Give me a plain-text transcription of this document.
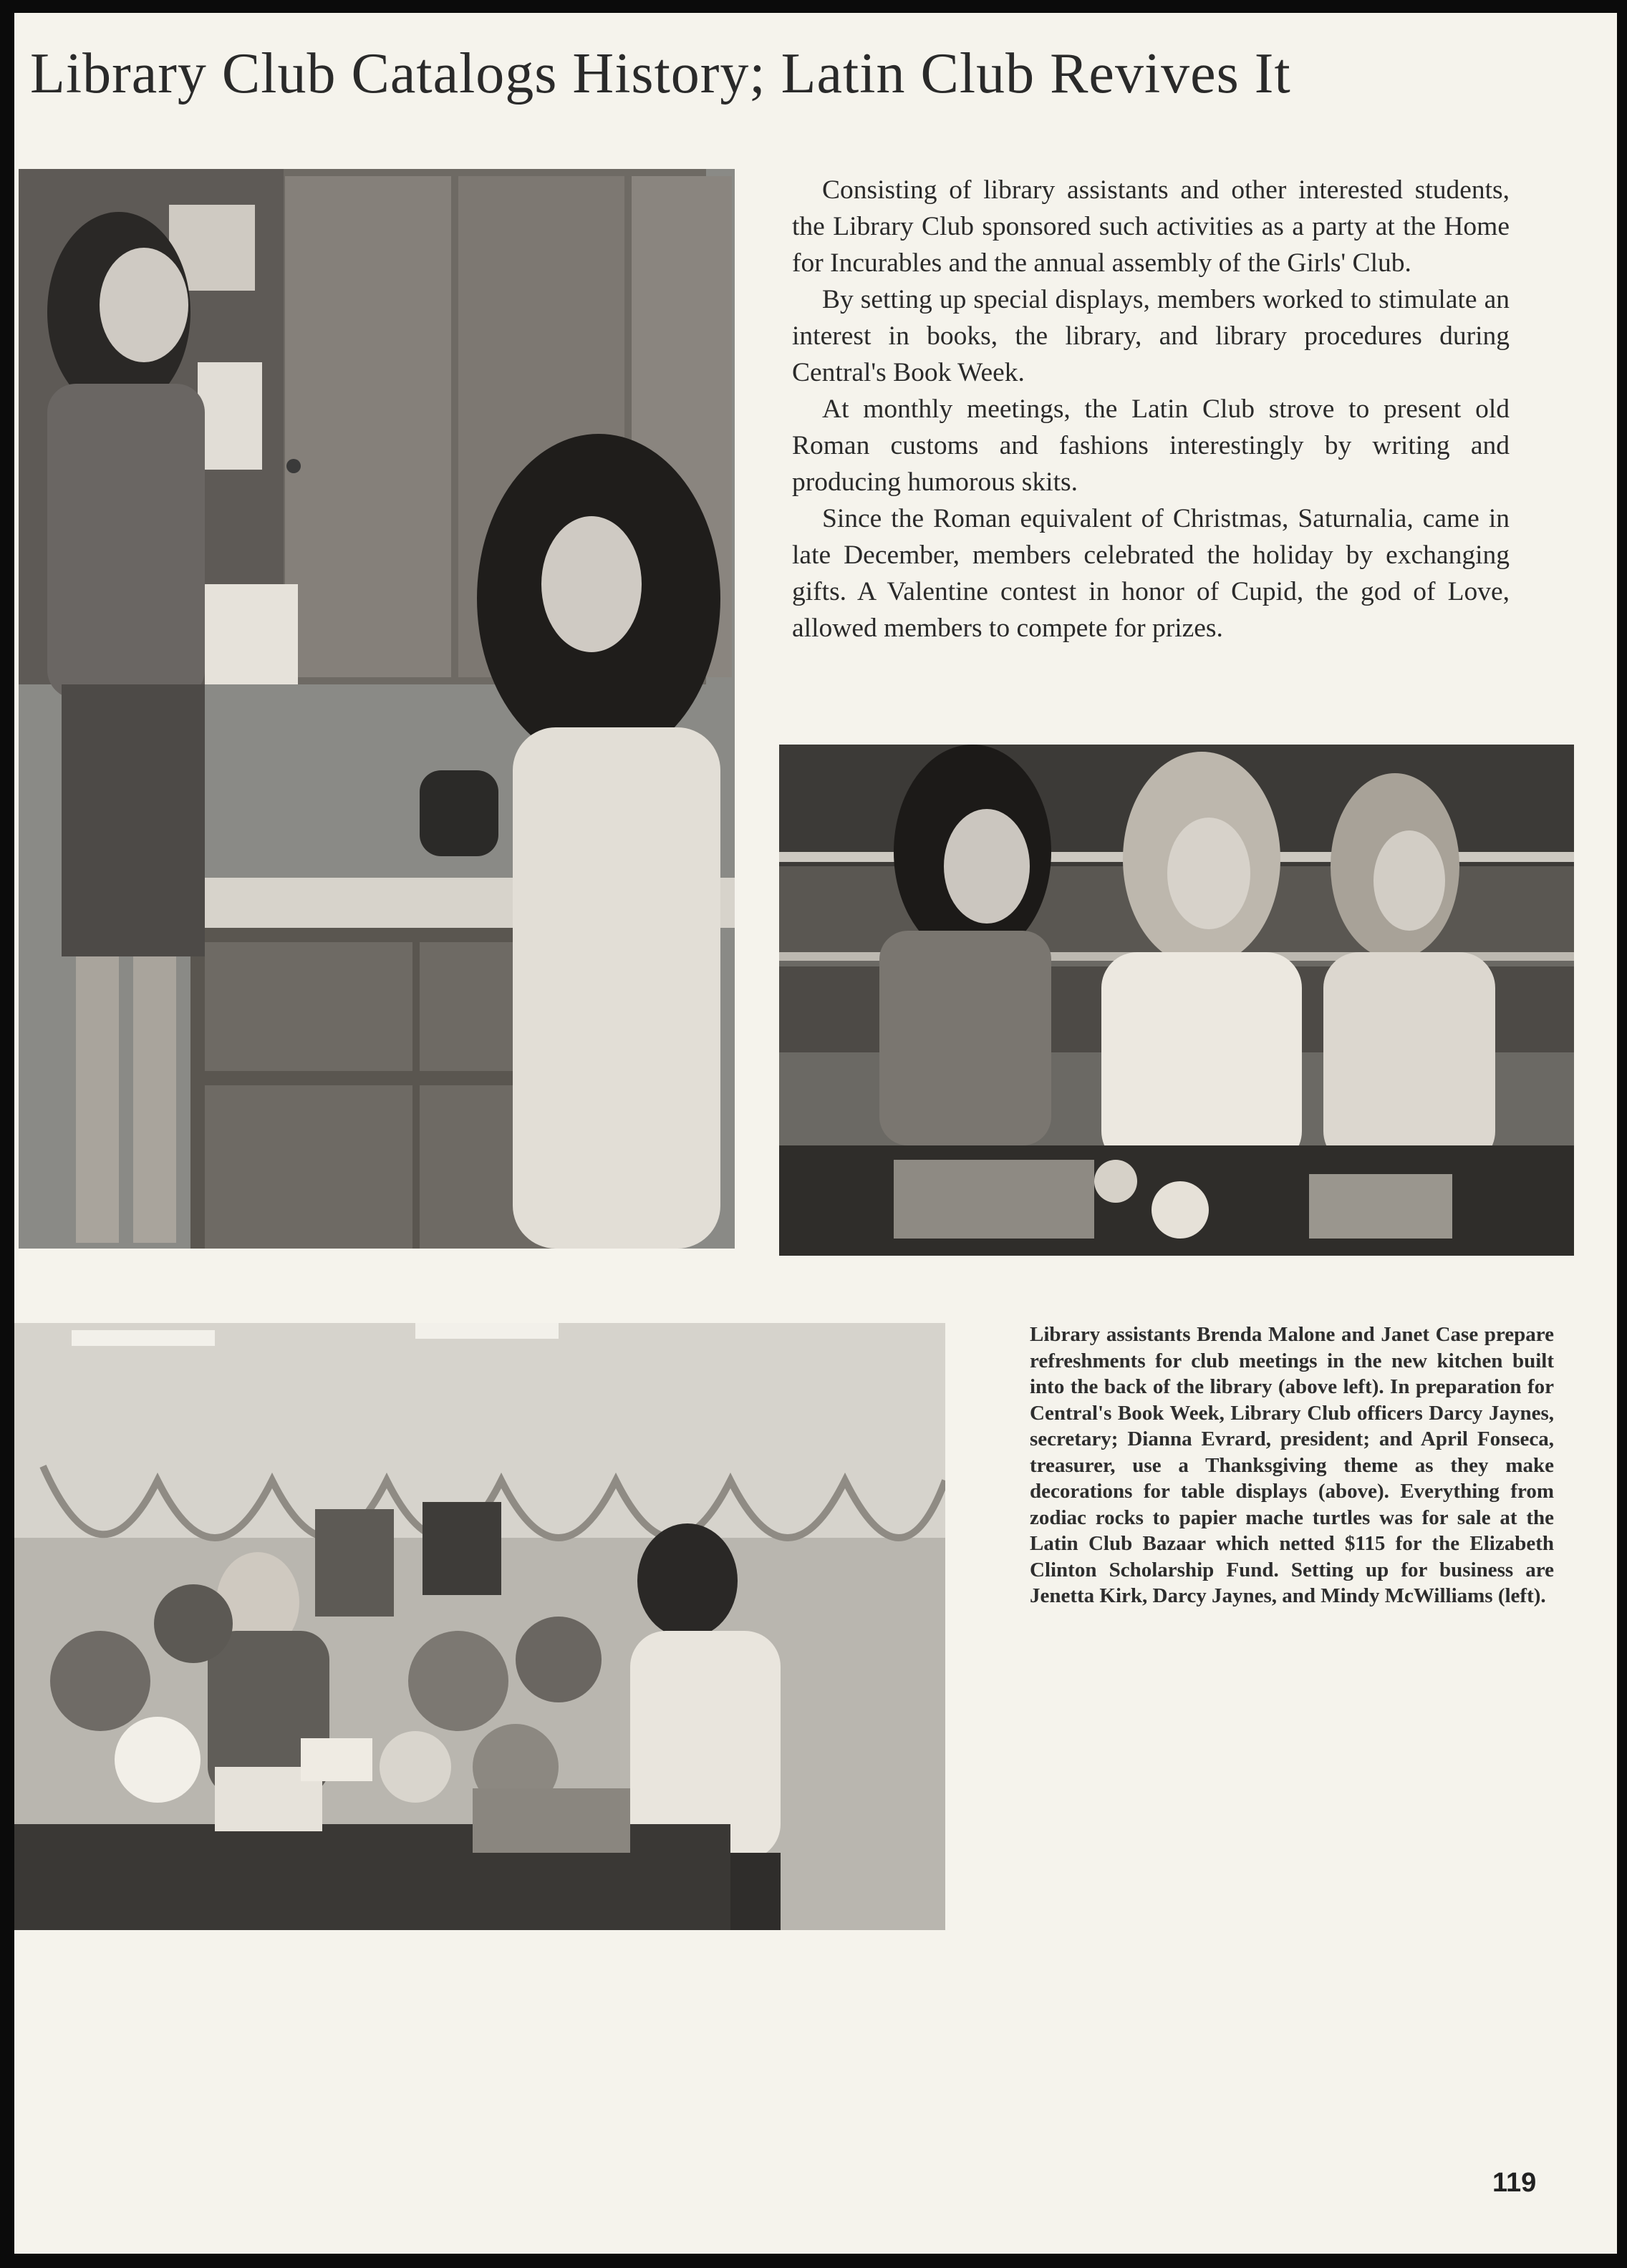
Library Club Catalogs History; Latin Club Revives It

Consisting of library assistants and other interested students, the Library Club sponsored such activities as a party at the Home for Incurables and the annual assembly of the Girls' Club.

By setting up special displays, members worked to stimulate an interest in books, the library, and library procedures during Central's Book Week.

At monthly meetings, the Latin Club strove to present old Roman customs and fashions interestingly by writing and producing humorous skits.

Since the Roman equivalent of Christmas, Saturnalia, came in late December, members celebrated the holiday by exchanging gifts. A Valentine contest in honor of Cupid, the god of Love, allowed members to compete for prizes.

Library assistants Brenda Malone and Janet Case prepare refreshments for club meetings in the new kitchen built into the back of the library (above left). In preparation for Central's Book Week, Library Club officers Darcy Jaynes, secretary; Dianna Evrard, president; and April Fonseca, treasurer, use a Thanksgiving theme as they make decorations for table displays (above). Everything from zodiac rocks to papier mache turtles was for sale at the Latin Club Bazaar which netted $115 for the Elizabeth Clinton Scholarship Fund. Setting up for business are Jenetta Kirk, Darcy Jaynes, and Mindy McWilliams (left).
119
